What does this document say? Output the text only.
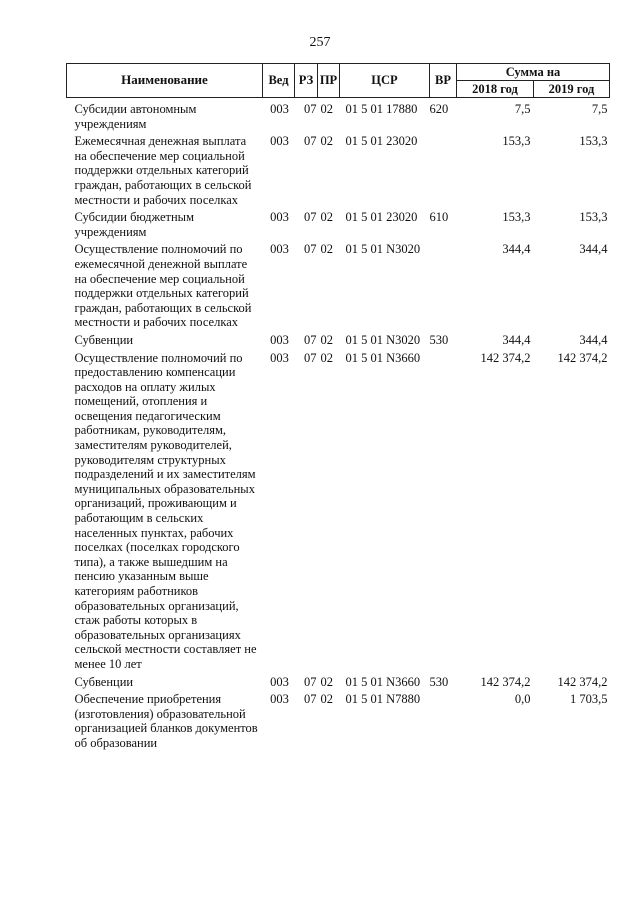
257
Наименование	Вед	РЗ	ПР	ЦСР	ВР	Сумма на	
						2018 год	2019 год
Субсидии автономным учреждениям	003	07	02	01 5 01 17880	620	7,5	7,5
Ежемесячная денежная выплата на обеспечение мер социальной поддержки отдельных категорий граждан, работающих в сельской местности и рабочих поселках	003	07	02	01 5 01 23020		153,3	153,3
Субсидии бюджетным учреждениям	003	07	02	01 5 01 23020	610	153,3	153,3
Осуществление полномочий по ежемесячной денежной выплате на обеспечение мер социальной поддержки отдельных категорий граждан, работающих в сельской местности и рабочих поселках	003	07	02	01 5 01 N3020		344,4	344,4
Субвенции	003	07	02	01 5 01 N3020	530	344,4	344,4
Осуществление полномочий по предоставлению компенсации расходов на оплату жилых помещений, отопления и освещения педагогическим работникам, руководителям, заместителям руководителей, руководителям структурных подразделений и их заместителям муниципальных образовательных организаций, проживающим и работающим в сельских населенных пунктах, рабочих поселках (поселках городского типа), а также вышедшим на пенсию указанным выше категориям работников образовательных организаций, стаж работы которых в образовательных организациях сельской местности составляет не менее 10 лет	003	07	02	01 5 01 N3660		142 374,2	142 374,2
Субвенции	003	07	02	01 5 01 N3660	530	142 374,2	142 374,2
Обеспечение приобретения (изготовления) образовательной организацией бланков документов об образовании	003	07	02	01 5 01 N7880		0,0	1 703,5
